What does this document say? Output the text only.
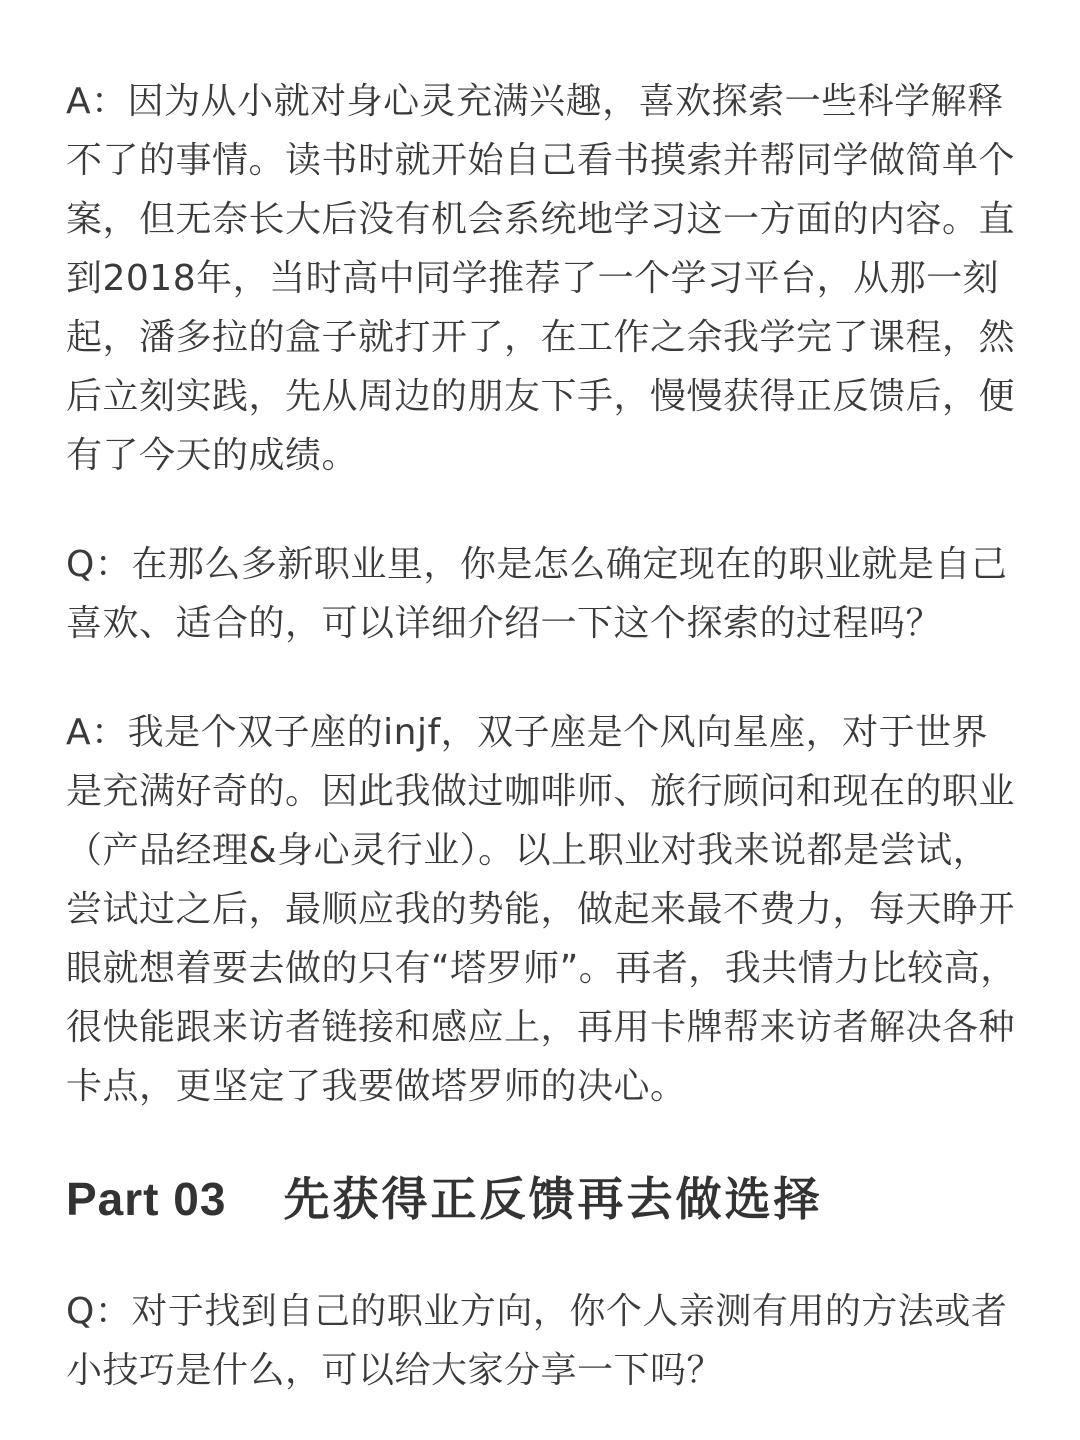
A：因为从小就对身心灵充满兴趣，喜欢探索一些科学解释不了的事情。读书时就开始自己看书摸索并帮同学做简单个案，但无奈长大后没有机会系统地学习这一方面的内容。直到2018年，当时高中同学推荐了一个学习平台，从那一刻起，潘多拉的盒子就打开了，在工作之余我学完了课程，然后立刻实践，先从周边的朋友下手，慢慢获得正反馈后，便有了今天的成绩。

Q：在那么多新职业里，你是怎么确定现在的职业就是自己喜欢、适合的，可以详细介绍一下这个探索的过程吗？

A：我是个双子座的injf，双子座是个风向星座，对于世界是充满好奇的。因此我做过咖啡师、旅行顾问和现在的职业（产品经理&身心灵行业）。以上职业对我来说都是尝试，尝试过之后，最顺应我的势能，做起来最不费力，每天睁开眼就想着要去做的只有“塔罗师”。再者，我共情力比较高，很快能跟来访者链接和感应上，再用卡牌帮来访者解决各种卡点，更坚定了我要做塔罗师的决心。

Part 03 先获得正反馈再去做选择

Q：对于找到自己的职业方向，你个人亲测有用的方法或者小技巧是什么，可以给大家分享一下吗？
